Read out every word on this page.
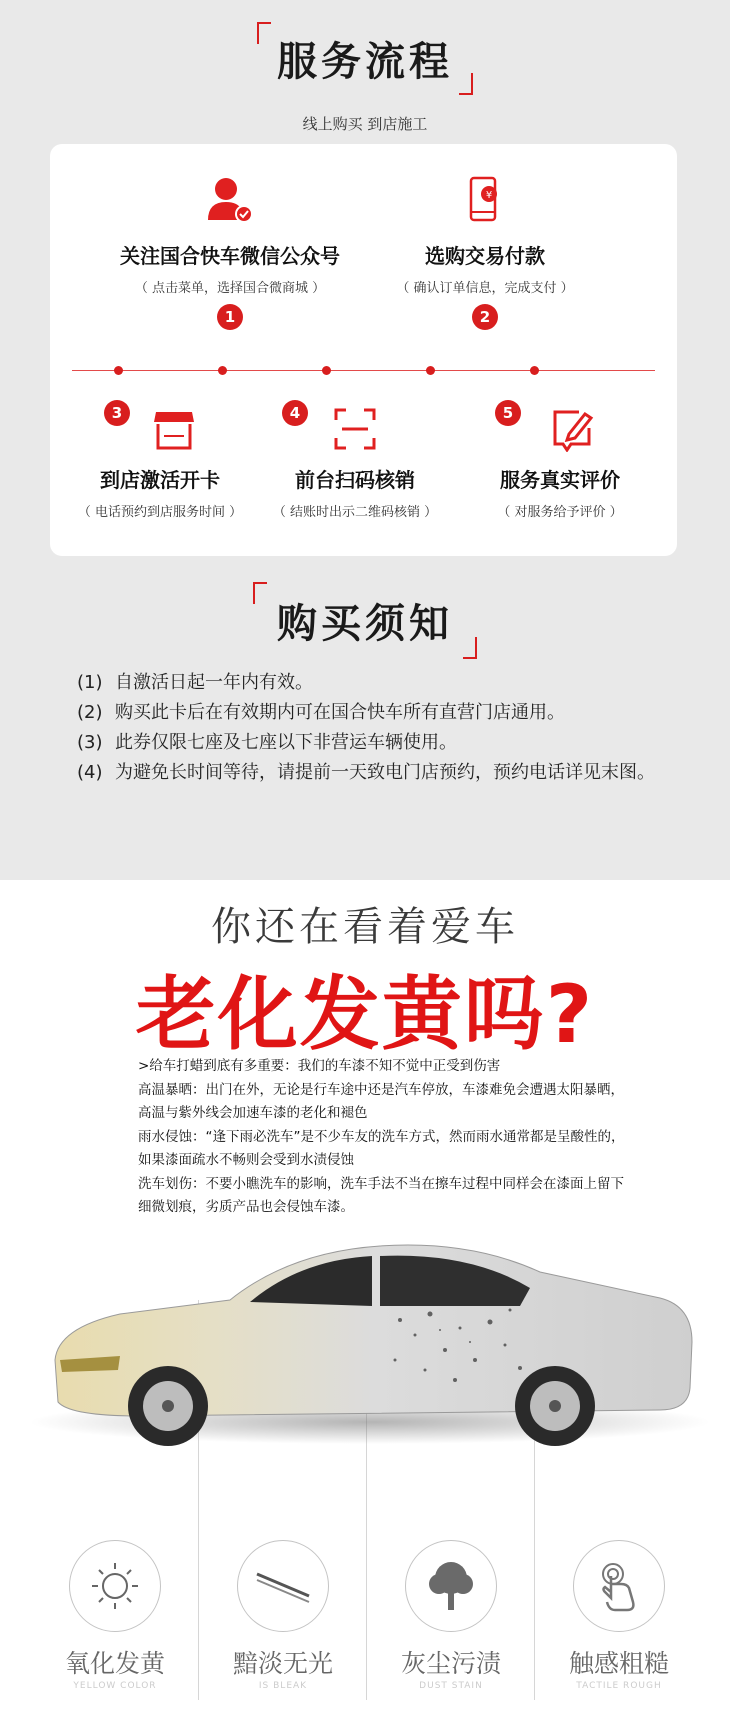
服务流程
线上购买 到店施工
关注国合快车微信公众号
（ 点击菜单，选择国合微商城 ）
1
¥
选购交易付款
（ 确认订单信息，完成支付 ）
2
3
到店激活开卡
（ 电话预约到店服务时间 ）
4
前台扫码核销
（ 结账时出示二维码核销 ）
5
服务真实评价
（ 对服务给予评价 ）
购买须知
(1) 自激活日起一年内有效。
(2) 购买此卡后在有效期内可在国合快车所有直营门店通用。
(3) 此券仅限七座及七座以下非营运车辆使用。
(4) 为避免长时间等待，请提前一天致电门店预约，预约电话详见末图。
你还在看着爱车
老化发黄吗?

>给车打蜡到底有多重要：我们的车漆不知不觉中正受到伤害

高温暴晒：出门在外，无论是行车途中还是汽车停放，车漆难免会遭遇太阳暴晒，高温与紫外线会加速车漆的老化和褪色

雨水侵蚀：“逢下雨必洗车”是不少车友的洗车方式，然而雨水通常都是呈酸性的，如果漆面疏水不畅则会受到水渍侵蚀

洗车划伤：不要小瞧洗车的影响，洗车手法不当在擦车过程中同样会在漆面上留下细微划痕，劣质产品也会侵蚀车漆。

氧化发黄
YELLOW COLOR
黯淡无光
IS BLEAK
灰尘污渍
DUST STAIN
触感粗糙
TACTILE ROUGH
